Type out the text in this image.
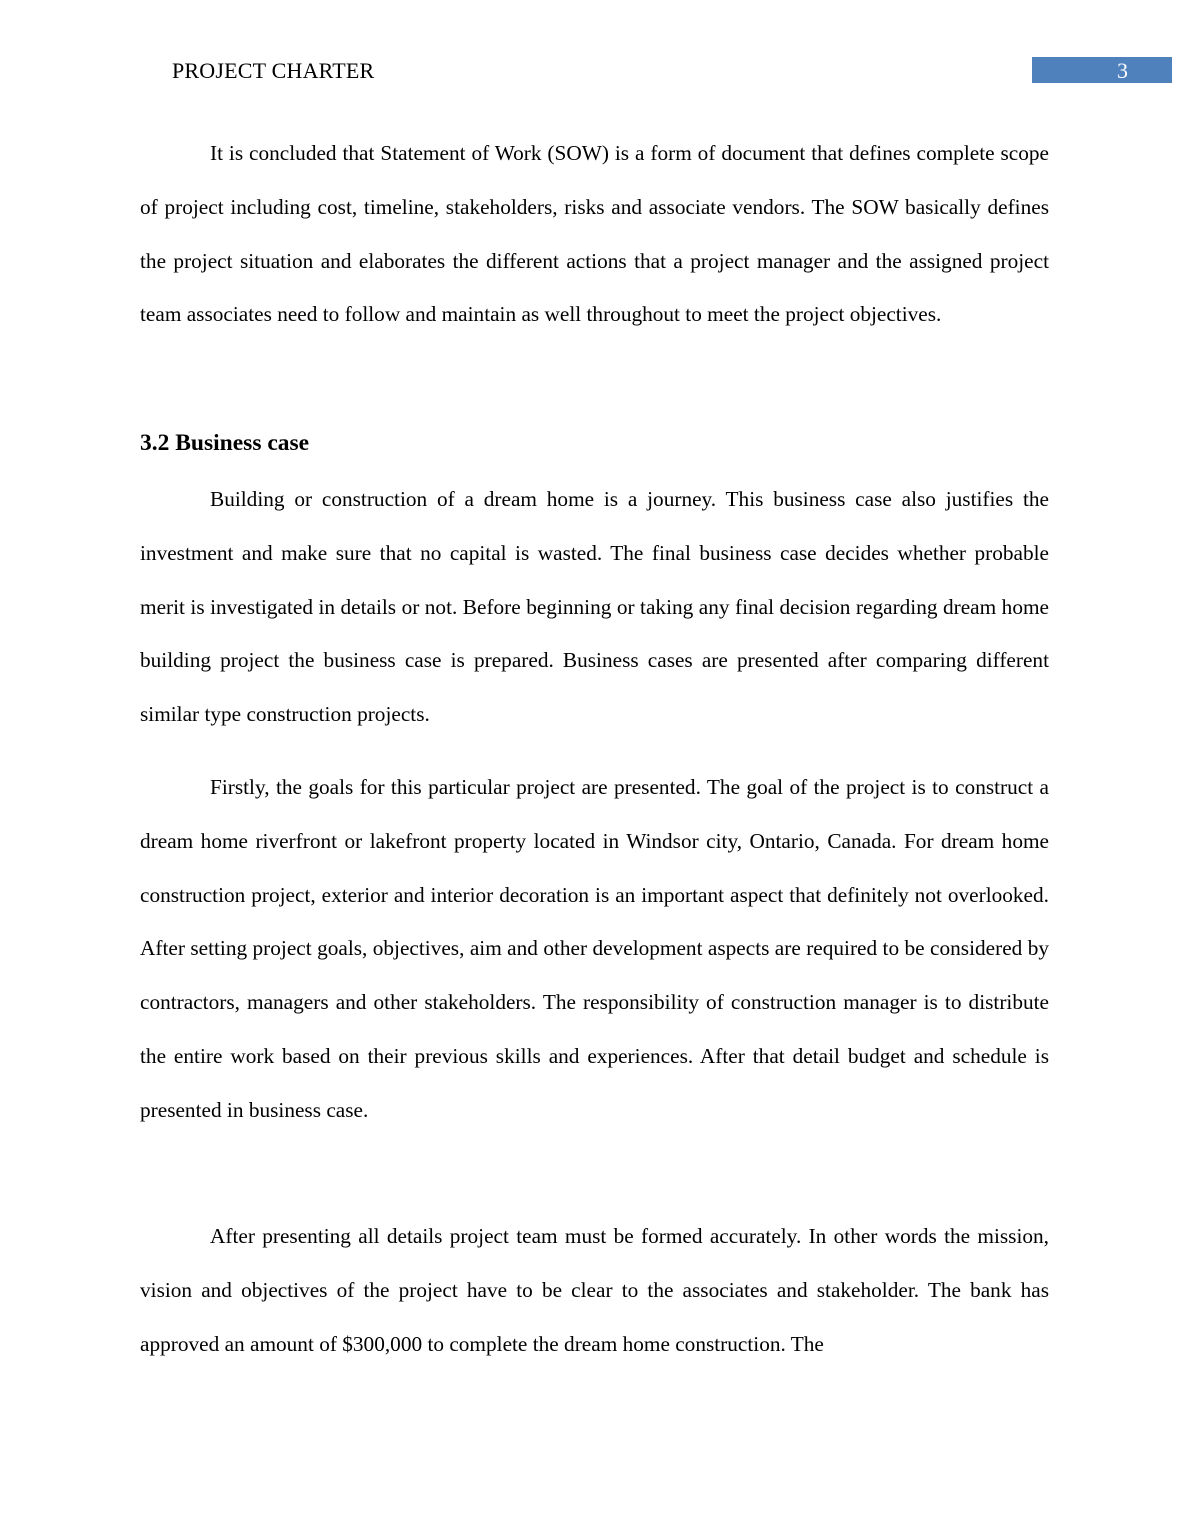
PROJECT CHARTER	3

It is concluded that Statement of Work (SOW) is a form of document that defines complete scope of project including cost, timeline, stakeholders, risks and associate vendors. The SOW basically defines the project situation and elaborates the different actions that a project manager and the assigned project team associates need to follow and maintain as well throughout to meet the project objectives.

3.2 Business case

Building or construction of a dream home is a journey. This business case also justifies the investment and make sure that no capital is wasted. The final business case decides whether probable merit is investigated in details or not. Before beginning or taking any final decision regarding dream home building project the business case is prepared. Business cases are presented after comparing different similar type construction projects.

Firstly, the goals for this particular project are presented. The goal of the project is to construct a dream home riverfront or lakefront property located in Windsor city, Ontario, Canada. For dream home construction project, exterior and interior decoration is an important aspect that definitely not overlooked. After setting project goals, objectives, aim and other development aspects are required to be considered by contractors, managers and other stakeholders. The responsibility of construction manager is to distribute the entire work based on their previous skills and experiences. After that detail budget and schedule is presented in business case.

After presenting all details project team must be formed accurately. In other words the mission, vision and objectives of the project have to be clear to the associates and stakeholder. The bank has approved an amount of $300,000 to complete the dream home construction. The
